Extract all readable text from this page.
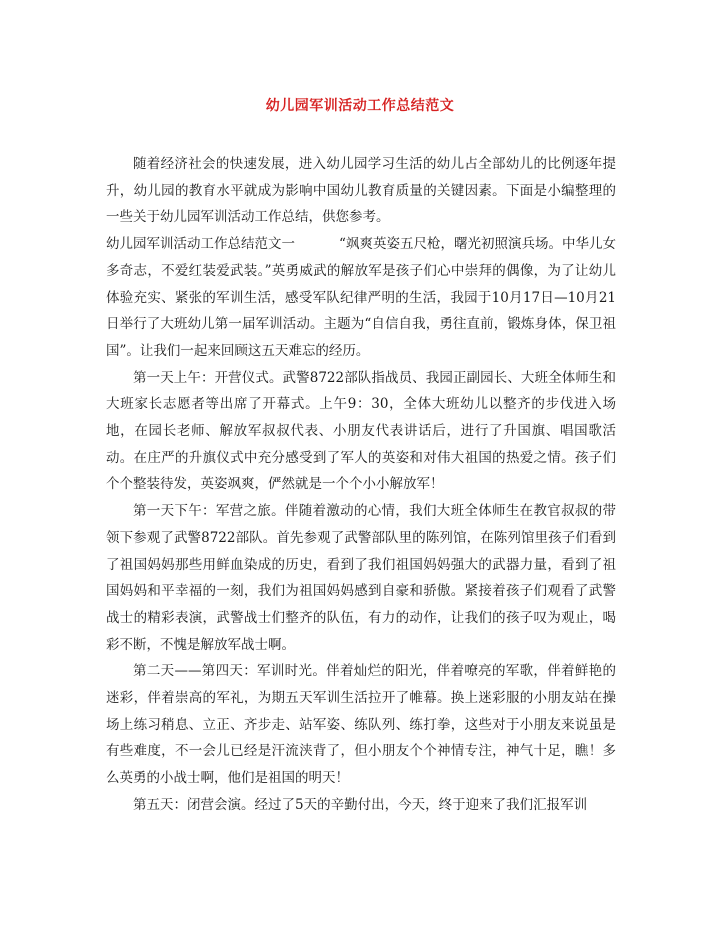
幼儿园军训活动工作总结范文

随着经济社会的快速发展，进入幼儿园学习生活的幼儿占全部幼儿的比例逐年提升，幼儿园的教育水平就成为影响中国幼儿教育质量的关键因素。下面是小编整理的一些关于幼儿园军训活动工作总结，供您参考。

幼儿园军训活动工作总结范文一	“飒爽英姿五尺枪，曙光初照演兵场。中华儿女多奇志，不爱红装爱武装。”英勇威武的解放军是孩子们心中崇拜的偶像，为了让幼儿体验充实、紧张的军训生活，感受军队纪律严明的生活，我园于10月17日—10月21日举行了大班幼儿第一届军训活动。主题为“自信自我，勇往直前，锻炼身体，保卫祖国”。让我们一起来回顾这五天难忘的经历。

第一天上午：开营仪式。武警8722部队指战员、我园正副园长、大班全体师生和大班家长志愿者等出席了开幕式。上午9：30，全体大班幼儿以整齐的步伐进入场地，在园长老师、解放军叔叔代表、小朋友代表讲话后，进行了升国旗、唱国歌活动。在庄严的升旗仪式中充分感受到了军人的英姿和对伟大祖国的热爱之情。孩子们个个整装待发，英姿飒爽，俨然就是一个个小小解放军！

第一天下午：军营之旅。伴随着激动的心情，我们大班全体师生在教官叔叔的带领下参观了武警8722部队。首先参观了武警部队里的陈列馆，在陈列馆里孩子们看到了祖国妈妈那些用鲜血染成的历史，看到了我们祖国妈妈强大的武器力量，看到了祖国妈妈和平幸福的一刻，我们为祖国妈妈感到自豪和骄傲。紧接着孩子们观看了武警战士的精彩表演，武警战士们整齐的队伍，有力的动作，让我们的孩子叹为观止，喝彩不断，不愧是解放军战士啊。

第二天——第四天：军训时光。伴着灿烂的阳光，伴着嘹亮的军歌，伴着鲜艳的迷彩，伴着崇高的军礼，为期五天军训生活拉开了帷幕。换上迷彩服的小朋友站在操场上练习稍息、立正、齐步走、站军姿、练队列、练打拳，这些对于小朋友来说虽是有些难度，不一会儿已经是汗流浃背了，但小朋友个个神情专注，神气十足，瞧！多么英勇的小战士啊，他们是祖国的明天！

第五天：闭营会演。经过了5天的辛勤付出，今天，终于迎来了我们汇报军训
